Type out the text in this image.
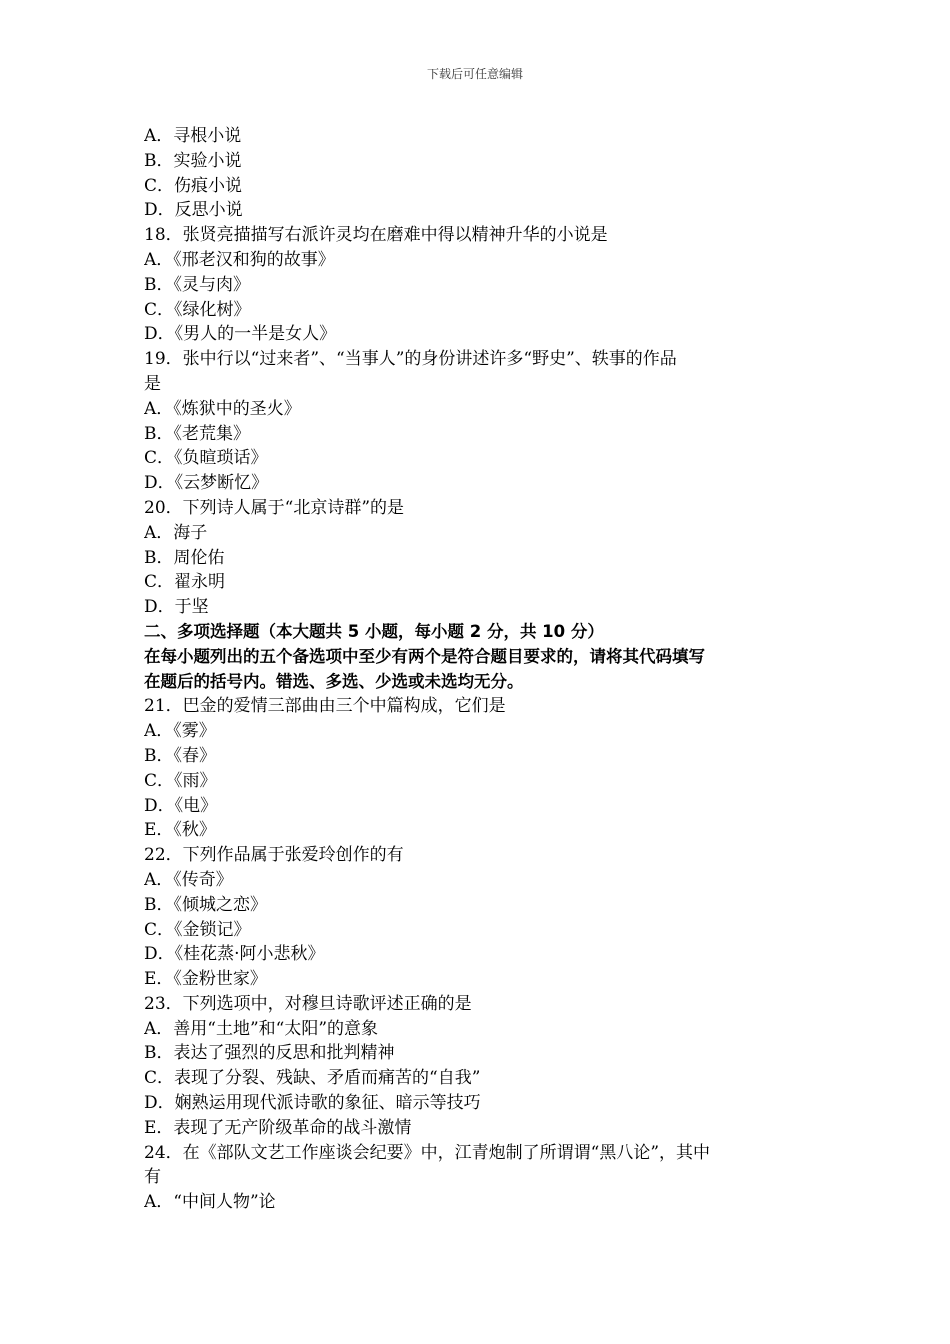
下载后可任意编辑
A．寻根小说
B．实验小说
C．伤痕小说
D．反思小说
18．张贤亮描描写右派许灵均在磨难中得以精神升华的小说是
A．《邢老汉和狗的故事》
B．《灵与肉》
C．《绿化树》
D．《男人的一半是女人》
19．张中行以“过来者”、“当事人”的身份讲述许多“野史”、轶事的作品
是
A．《炼狱中的圣火》
B．《老荒集》
C．《负暄琐话》
D．《云梦断忆》
20．下列诗人属于“北京诗群”的是
A．海子
B．周伦佑
C．翟永明
D．于坚
二、多项选择题（本大题共 5 小题，每小题 2 分，共 10 分）
在每小题列出的五个备选项中至少有两个是符合题目要求的，请将其代码填写
在题后的括号内。错选、多选、少选或未选均无分。
21．巴金的爱情三部曲由三个中篇构成，它们是
A．《雾》
B．《春》
C．《雨》
D．《电》
E．《秋》
22．下列作品属于张爱玲创作的有
A．《传奇》
B．《倾城之恋》
C．《金锁记》
D．《桂花蒸·阿小悲秋》
E．《金粉世家》
23．下列选项中，对穆旦诗歌评述正确的是
A．善用“土地”和“太阳”的意象
B．表达了强烈的反思和批判精神
C．表现了分裂、残缺、矛盾而痛苦的“自我”
D．娴熟运用现代派诗歌的象征、暗示等技巧
E．表现了无产阶级革命的战斗激情
24．在《部队文艺工作座谈会纪要》中，江青炮制了所谓谓“黑八论”，其中
有
A．“中间人物”论
